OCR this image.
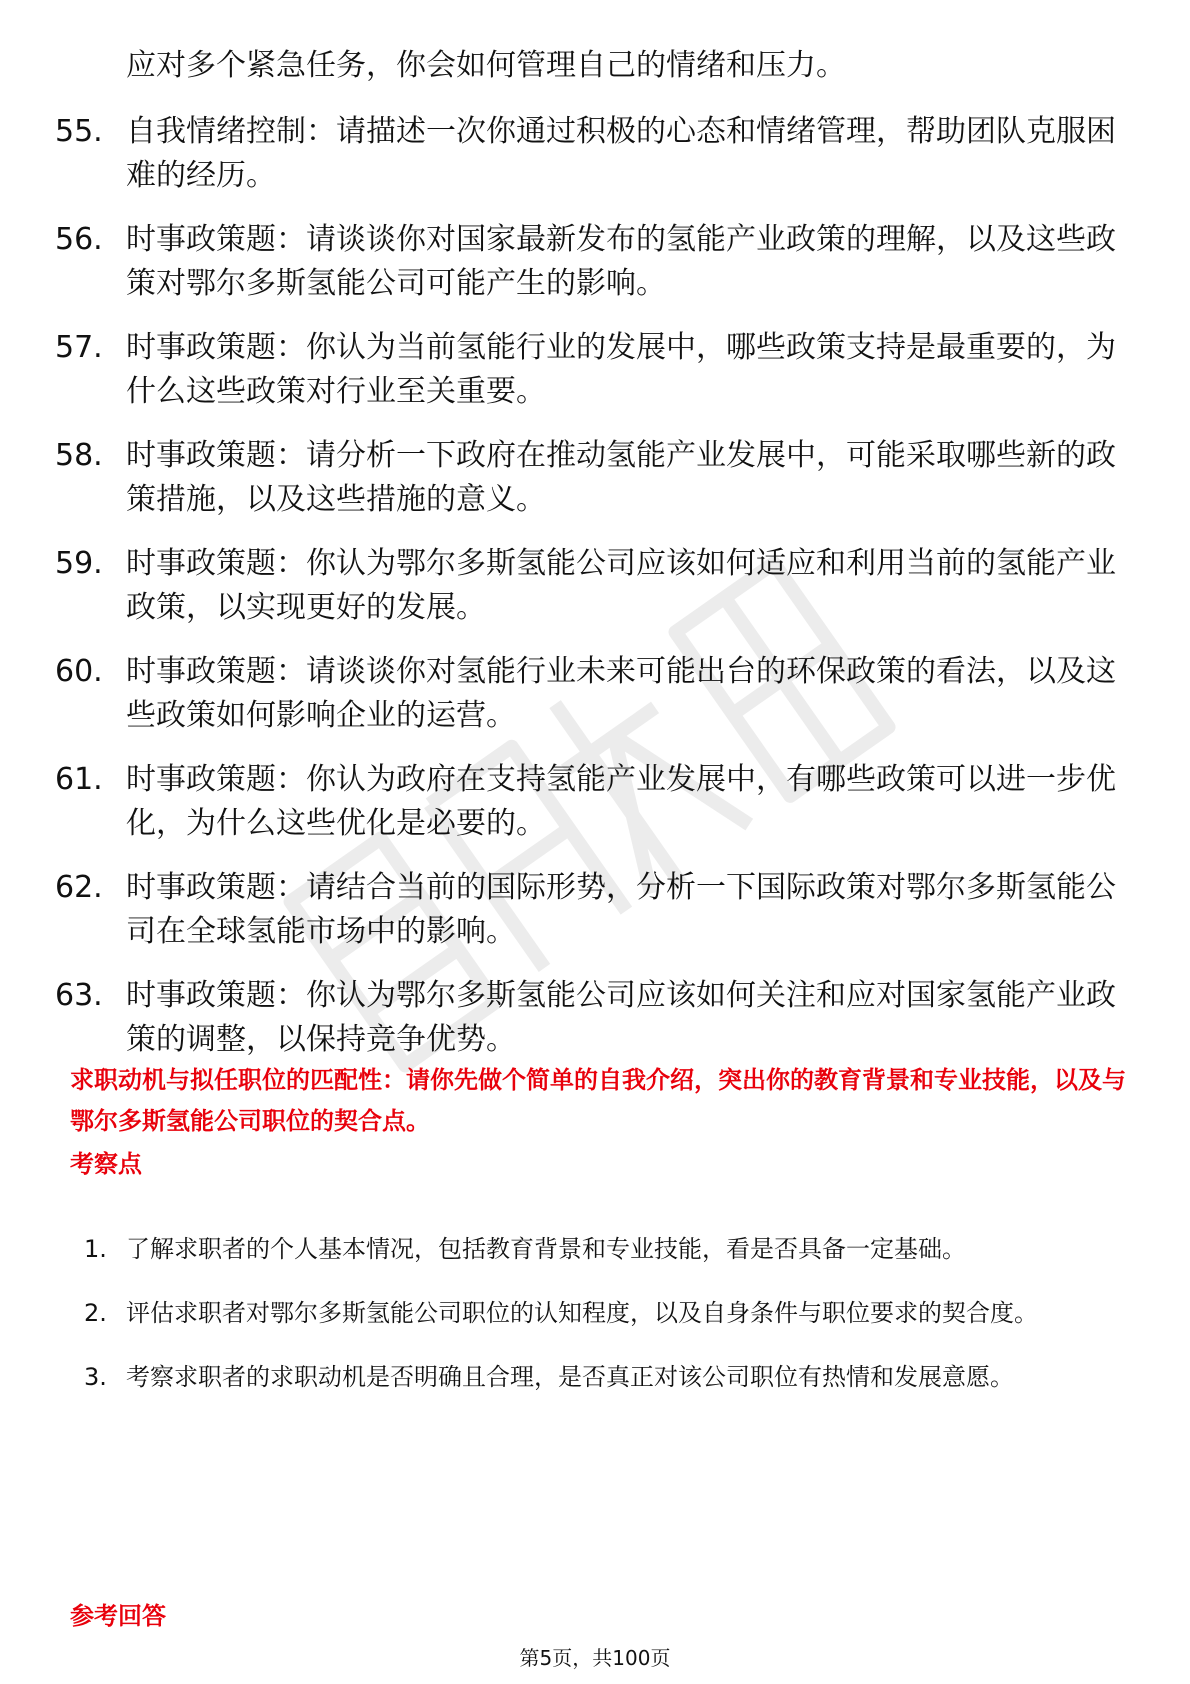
应对多个紧急任务，你会如何管理自己的情绪和压力。
55. 自我情绪控制：请描述一次你通过积极的心态和情绪管理，帮助团队克服困难的经历。
56. 时事政策题：请谈谈你对国家最新发布的氢能产业政策的理解，以及这些政策对鄂尔多斯氢能公司可能产生的影响。
57. 时事政策题：你认为当前氢能行业的发展中，哪些政策支持是最重要的，为什么这些政策对行业至关重要。
58. 时事政策题：请分析一下政府在推动氢能产业发展中，可能采取哪些新的政策措施，以及这些措施的意义。
59. 时事政策题：你认为鄂尔多斯氢能公司应该如何适应和利用当前的氢能产业政策，以实现更好的发展。
60. 时事政策题：请谈谈你对氢能行业未来可能出台的环保政策的看法，以及这些政策如何影响企业的运营。
61. 时事政策题：你认为政府在支持氢能产业发展中，有哪些政策可以进一步优化，为什么这些优化是必要的。
62. 时事政策题：请结合当前的国际形势，分析一下国际政策对鄂尔多斯氢能公司在全球氢能市场中的影响。
63. 时事政策题：你认为鄂尔多斯氢能公司应该如何关注和应对国家氢能产业政策的调整，以保持竞争优势。
求职动机与拟任职位的匹配性：请你先做个简单的自我介绍，突出你的教育背景和专业技能，以及与鄂尔多斯氢能公司职位的契合点。
考察点
1. 了解求职者的个人基本情况，包括教育背景和专业技能，看是否具备一定基础。
2. 评估求职者对鄂尔多斯氢能公司职位的认知程度，以及自身条件与职位要求的契合度。
3. 考察求职者的求职动机是否明确且合理，是否真正对该公司职位有热情和发展意愿。
参考回答
第5页，共100页
